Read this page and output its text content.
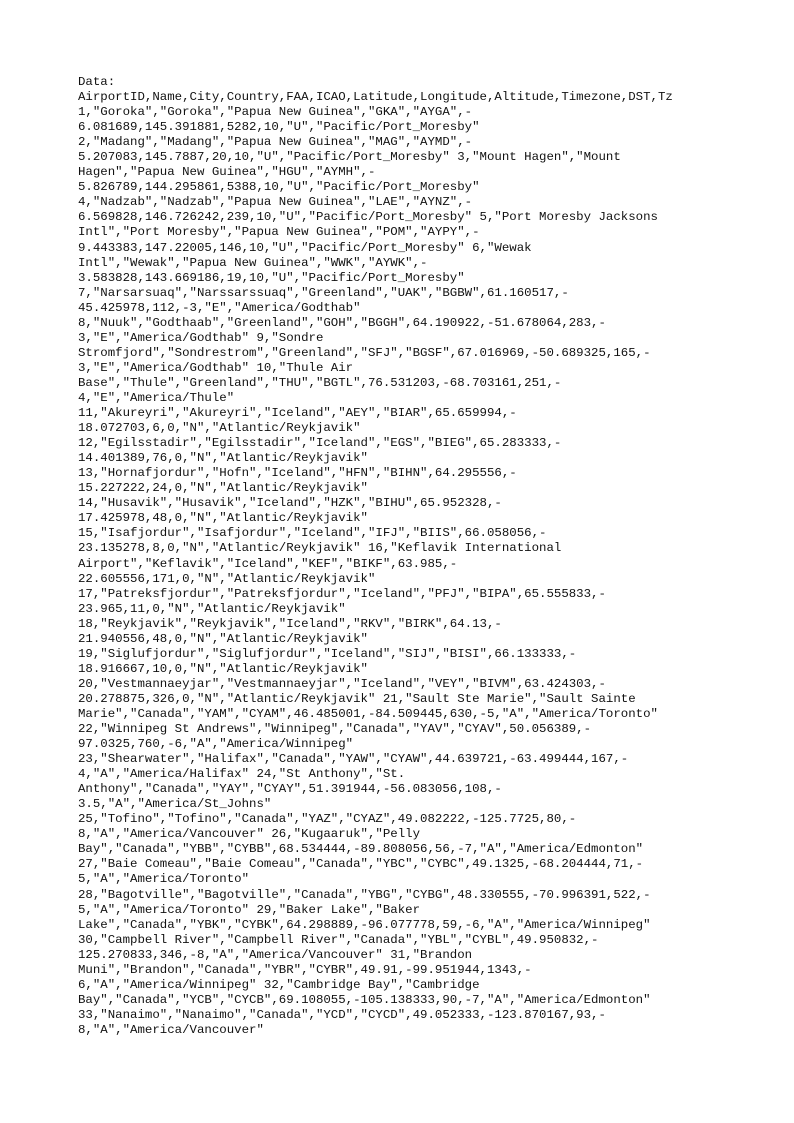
Data:
AirportID,Name,City,Country,FAA,ICAO,Latitude,Longitude,Altitude,Timezone,DST,Tz
1,"Goroka","Goroka","Papua New Guinea","GKA","AYGA",-
6.081689,145.391881,5282,10,"U","Pacific/Port_Moresby"
2,"Madang","Madang","Papua New Guinea","MAG","AYMD",-
5.207083,145.7887,20,10,"U","Pacific/Port_Moresby" 3,"Mount Hagen","Mount
Hagen","Papua New Guinea","HGU","AYMH",-
5.826789,144.295861,5388,10,"U","Pacific/Port_Moresby"
4,"Nadzab","Nadzab","Papua New Guinea","LAE","AYNZ",-
6.569828,146.726242,239,10,"U","Pacific/Port_Moresby" 5,"Port Moresby Jacksons
Intl","Port Moresby","Papua New Guinea","POM","AYPY",-
9.443383,147.22005,146,10,"U","Pacific/Port_Moresby" 6,"Wewak
Intl","Wewak","Papua New Guinea","WWK","AYWK",-
3.583828,143.669186,19,10,"U","Pacific/Port_Moresby"
7,"Narsarsuaq","Narssarssuaq","Greenland","UAK","BGBW",61.160517,-
45.425978,112,-3,"E","America/Godthab"
8,"Nuuk","Godthaab","Greenland","GOH","BGGH",64.190922,-51.678064,283,-
3,"E","America/Godthab" 9,"Sondre
Stromfjord","Sondrestrom","Greenland","SFJ","BGSF",67.016969,-50.689325,165,-
3,"E","America/Godthab" 10,"Thule Air
Base","Thule","Greenland","THU","BGTL",76.531203,-68.703161,251,-
4,"E","America/Thule"
11,"Akureyri","Akureyri","Iceland","AEY","BIAR",65.659994,-
18.072703,6,0,"N","Atlantic/Reykjavik"
12,"Egilsstadir","Egilsstadir","Iceland","EGS","BIEG",65.283333,-
14.401389,76,0,"N","Atlantic/Reykjavik"
13,"Hornafjordur","Hofn","Iceland","HFN","BIHN",64.295556,-
15.227222,24,0,"N","Atlantic/Reykjavik"
14,"Husavik","Husavik","Iceland","HZK","BIHU",65.952328,-
17.425978,48,0,"N","Atlantic/Reykjavik"
15,"Isafjordur","Isafjordur","Iceland","IFJ","BIIS",66.058056,-
23.135278,8,0,"N","Atlantic/Reykjavik" 16,"Keflavik International
Airport","Keflavik","Iceland","KEF","BIKF",63.985,-
22.605556,171,0,"N","Atlantic/Reykjavik"
17,"Patreksfjordur","Patreksfjordur","Iceland","PFJ","BIPA",65.555833,-
23.965,11,0,"N","Atlantic/Reykjavik"
18,"Reykjavik","Reykjavik","Iceland","RKV","BIRK",64.13,-
21.940556,48,0,"N","Atlantic/Reykjavik"
19,"Siglufjordur","Siglufjordur","Iceland","SIJ","BISI",66.133333,-
18.916667,10,0,"N","Atlantic/Reykjavik"
20,"Vestmannaeyjar","Vestmannaeyjar","Iceland","VEY","BIVM",63.424303,-
20.278875,326,0,"N","Atlantic/Reykjavik" 21,"Sault Ste Marie","Sault Sainte
Marie","Canada","YAM","CYAM",46.485001,-84.509445,630,-5,"A","America/Toronto"
22,"Winnipeg St Andrews","Winnipeg","Canada","YAV","CYAV",50.056389,-
97.0325,760,-6,"A","America/Winnipeg"
23,"Shearwater","Halifax","Canada","YAW","CYAW",44.639721,-63.499444,167,-
4,"A","America/Halifax" 24,"St Anthony","St.
Anthony","Canada","YAY","CYAY",51.391944,-56.083056,108,-
3.5,"A","America/St_Johns"
25,"Tofino","Tofino","Canada","YAZ","CYAZ",49.082222,-125.7725,80,-
8,"A","America/Vancouver" 26,"Kugaaruk","Pelly
Bay","Canada","YBB","CYBB",68.534444,-89.808056,56,-7,"A","America/Edmonton"
27,"Baie Comeau","Baie Comeau","Canada","YBC","CYBC",49.1325,-68.204444,71,-
5,"A","America/Toronto"
28,"Bagotville","Bagotville","Canada","YBG","CYBG",48.330555,-70.996391,522,-
5,"A","America/Toronto" 29,"Baker Lake","Baker
Lake","Canada","YBK","CYBK",64.298889,-96.077778,59,-6,"A","America/Winnipeg"
30,"Campbell River","Campbell River","Canada","YBL","CYBL",49.950832,-
125.270833,346,-8,"A","America/Vancouver" 31,"Brandon
Muni","Brandon","Canada","YBR","CYBR",49.91,-99.951944,1343,-
6,"A","America/Winnipeg" 32,"Cambridge Bay","Cambridge
Bay","Canada","YCB","CYCB",69.108055,-105.138333,90,-7,"A","America/Edmonton"
33,"Nanaimo","Nanaimo","Canada","YCD","CYCD",49.052333,-123.870167,93,-
8,"A","America/Vancouver"
